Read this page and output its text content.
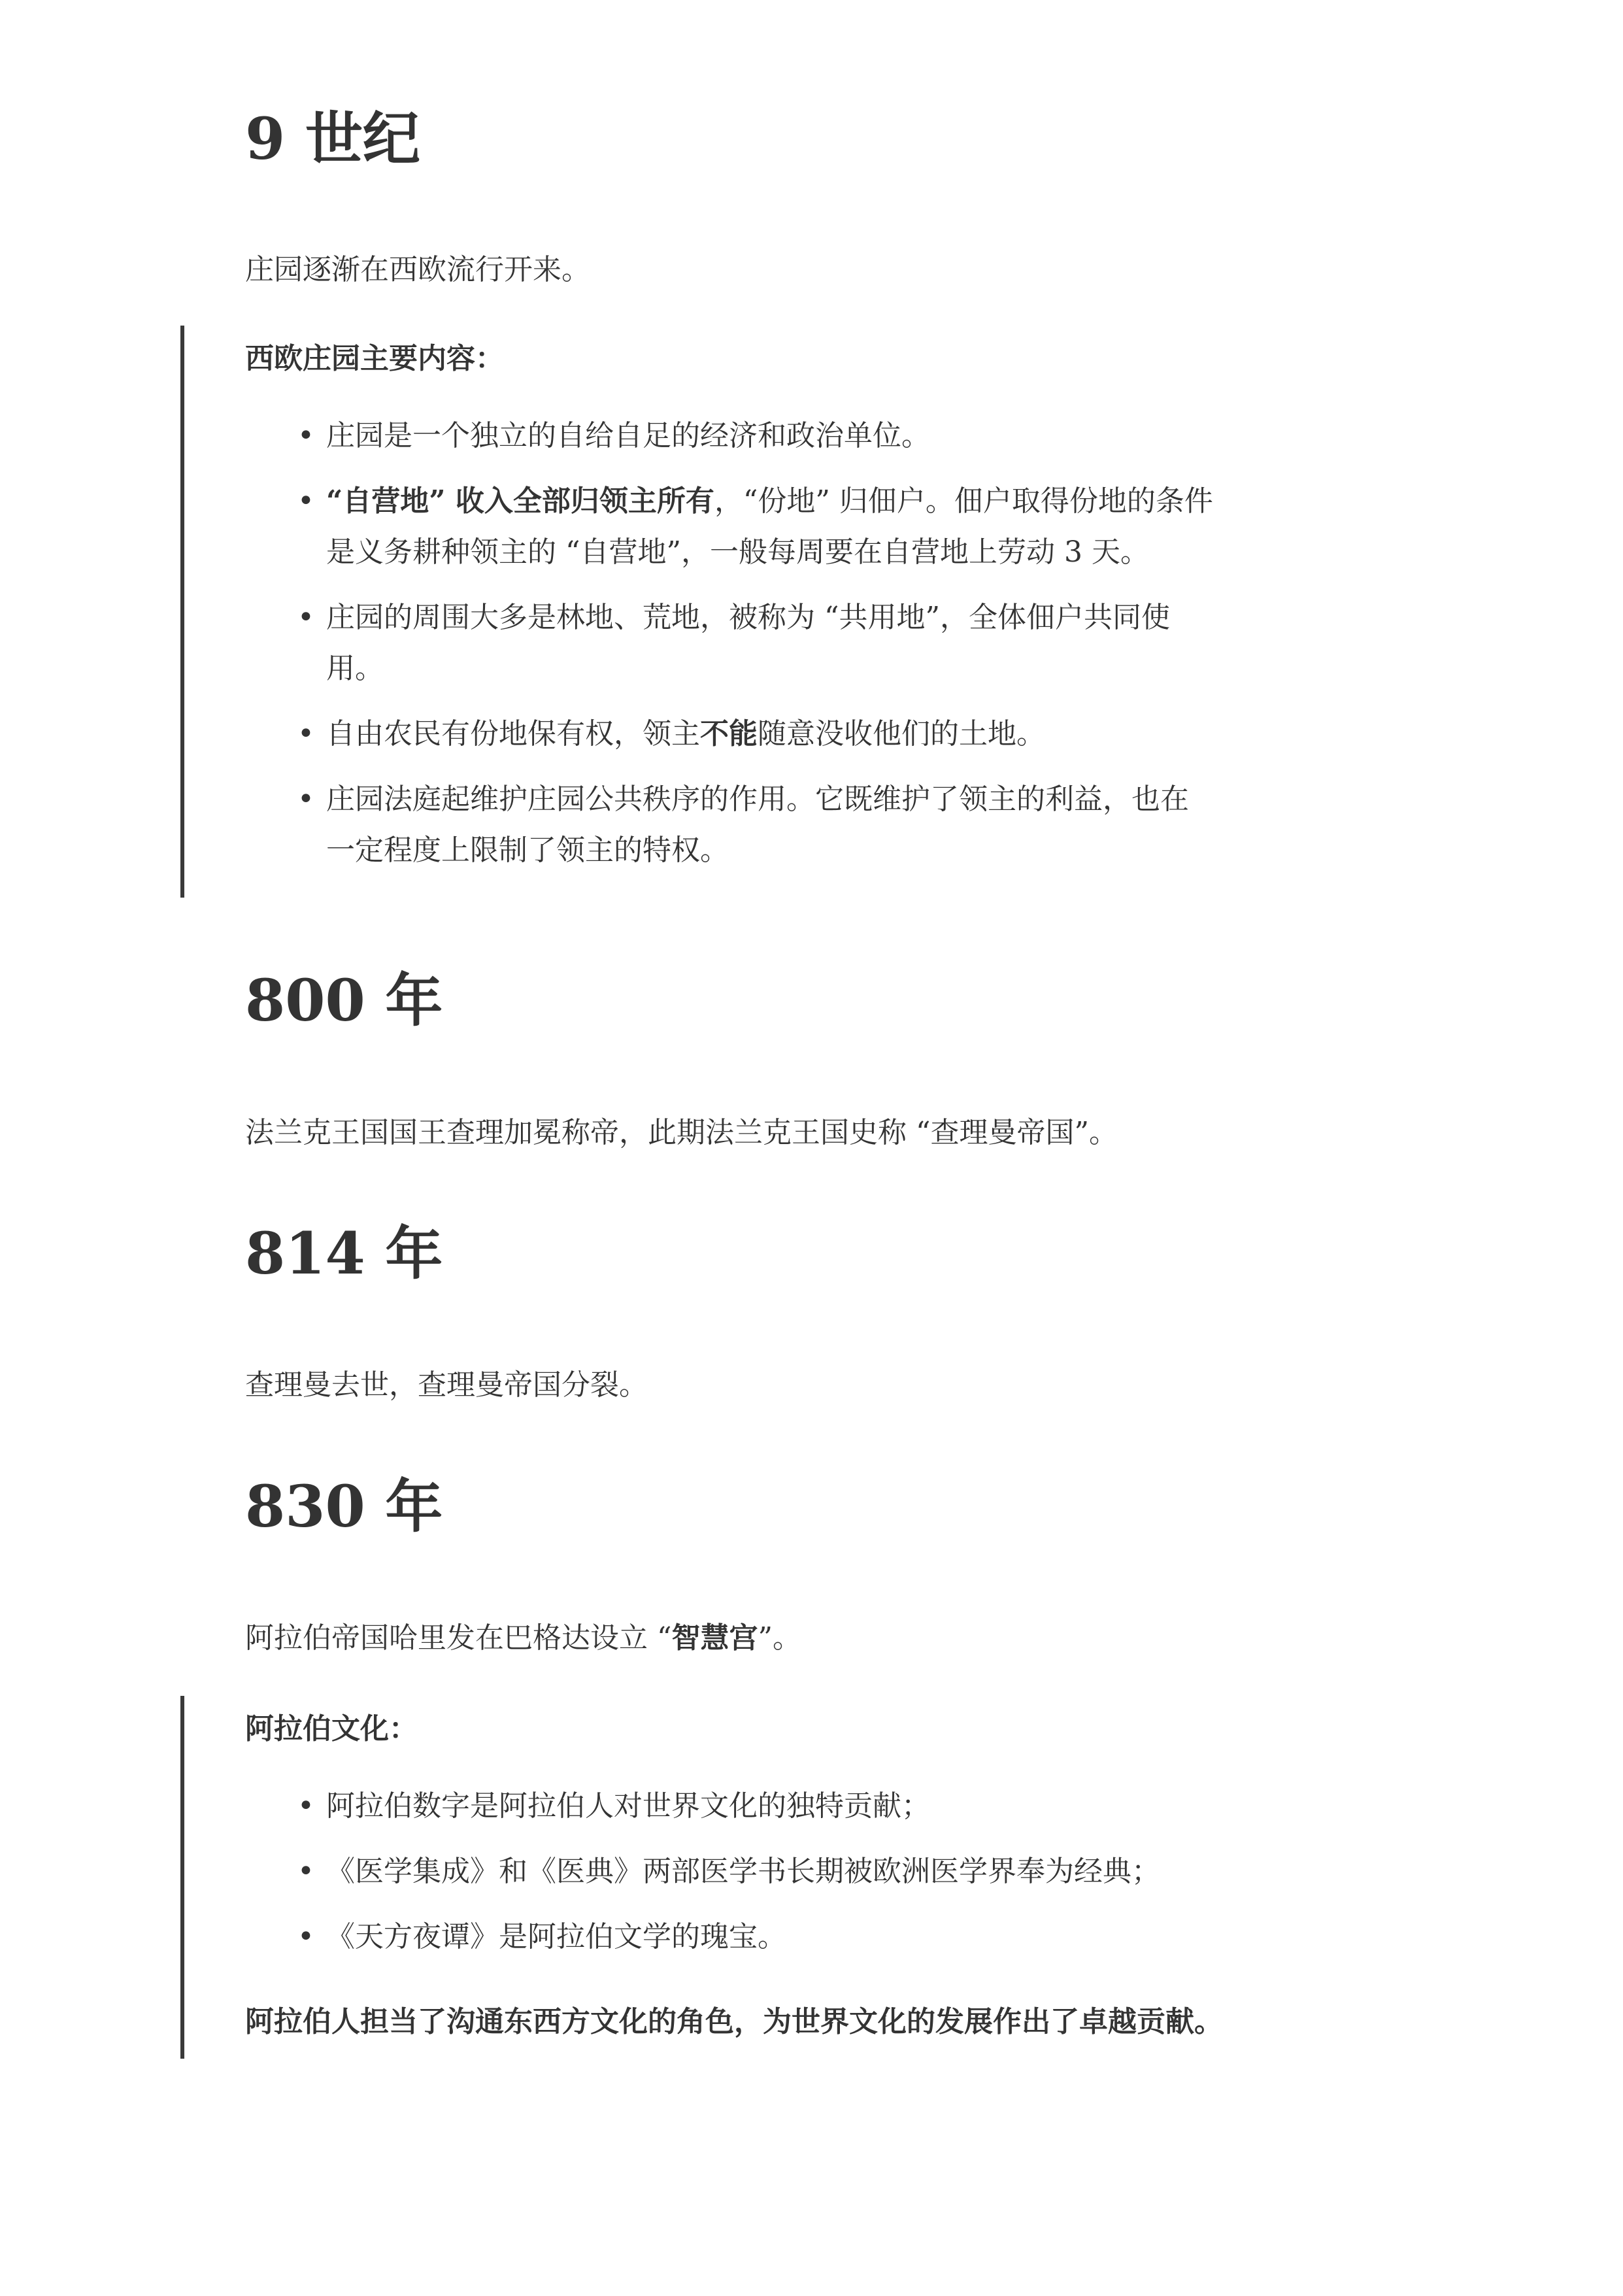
9 世纪

庄园逐渐在西欧流行开来。

西欧庄园主要内容：

• 庄园是一个独立的自给自足的经济和政治单位。
• “自营地” 收入全部归领主所有，“份地” 归佃户。佃户取得份地的条件
是义务耕种领主的 “自营地”，一般每周要在自营地上劳动 3 天。
• 庄园的周围大多是林地、荒地，被称为 “共用地”，全体佃户共同使
用。
• 自由农民有份地保有权，领主不能随意没收他们的土地。
• 庄园法庭起维护庄园公共秩序的作用。它既维护了领主的利益，也在
一定程度上限制了领主的特权。
800 年

法兰克王国国王查理加冕称帝，此期法兰克王国史称 “查理曼帝国”。

814 年

查理曼去世，查理曼帝国分裂。

830 年

阿拉伯帝国哈里发在巴格达设立 “智慧宫”。

阿拉伯文化：

• 阿拉伯数字是阿拉伯人对世界文化的独特贡献；
• 《医学集成》和《医典》两部医学书长期被欧洲医学界奉为经典；
• 《天方夜谭》是阿拉伯文学的瑰宝。

阿拉伯人担当了沟通东西方文化的角色，为世界文化的发展作出了卓越贡献。
